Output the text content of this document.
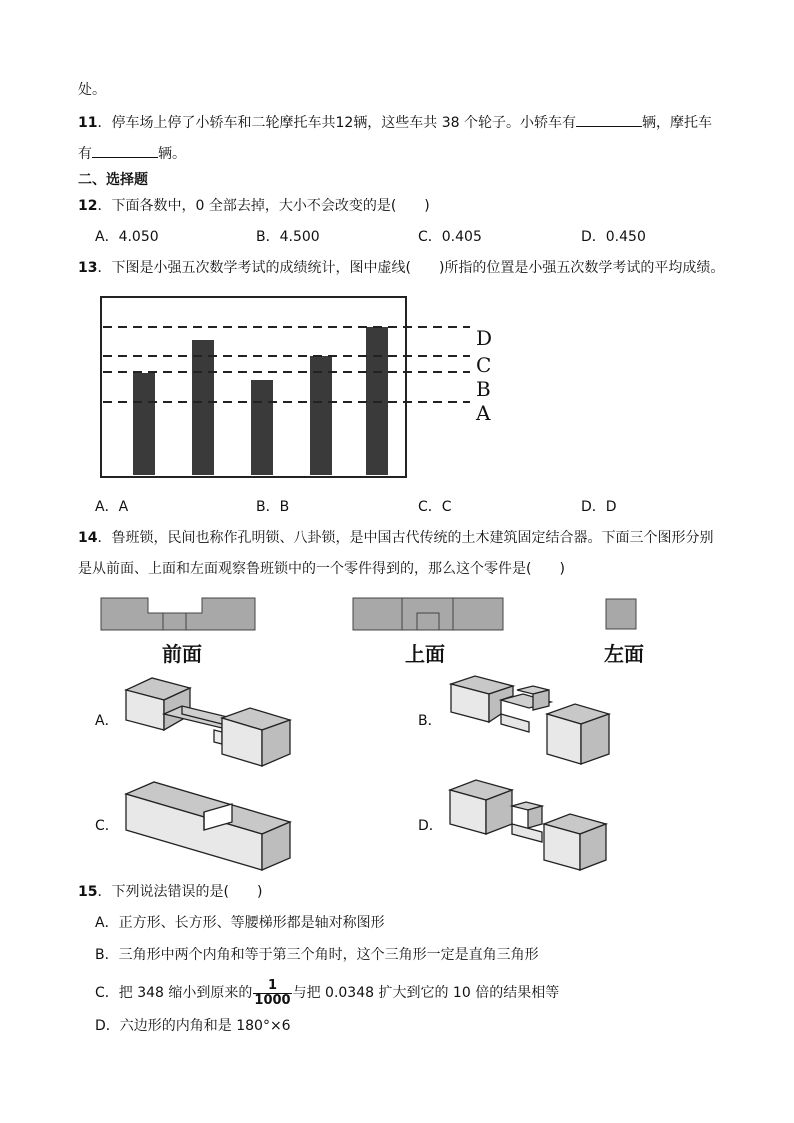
处。
11．停车场上停了小轿车和二轮摩托车共12辆，这些车共 38 个轮子。小轿车有	辆，摩托车
有	辆。
二、选择题
12．下面各数中，0 全部去掉，大小不会改变的是(　　)
A．4.050	B．4.500	C．0.405	D．0.450
13．下图是小强五次数学考试的成绩统计，图中虚线(　　)所指的位置是小强五次数学考试的平均成绩。
D
C
B
A
A．A	B．B	C．C	D．D
14．鲁班锁，民间也称作孔明锁、八卦锁，是中国古代传统的土木建筑固定结合器。下面三个图形分别
是从前面、上面和左面观察鲁班锁中的一个零件得到的，那么这个零件是(　　)
前面	上面	左面
A．	B．
C．	D．
15．下列说法错误的是(　　)
A．正方形、长方形、等腰梯形都是轴对称图形
B．三角形中两个内角和等于第三个角时，这个三角形一定是直角三角形
C．把 348 缩小到原来的 $\frac{1}{1000}$ 与把 0.0348 扩大到它的 10 倍的结果相等
D．六边形的内角和是 180°×6
